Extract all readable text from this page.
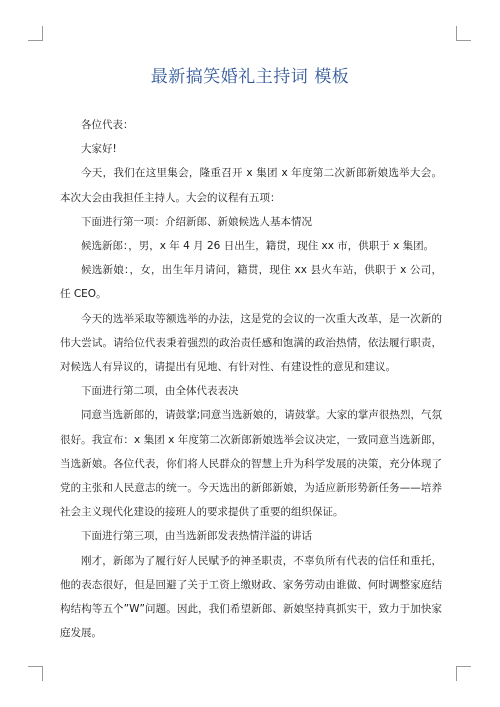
最新搞笑婚礼主持词 模板

各位代表：

大家好!

今天，我们在这里集会，隆重召开 x 集团 x 年度第二次新郎新娘选举大会。本次大会由我担任主持人。大会的议程有五项：

下面进行第一项：介绍新郎、新娘候选人基本情况

候选新郎：，男，x 年 4 月 26 日出生，籍贯，现住 xx 市，供职于 x 集团。

候选新娘：，女，出生年月请问，籍贯，现住 xx 县火车站，供职于 x 公司，任 CEO。

今天的选举采取等额选举的办法，这是党的会议的一次重大改革，是一次新的伟大尝试。请给位代表秉着强烈的政治责任感和饱满的政治热情，依法履行职责，对候选人有异议的，请提出有见地、有针对性、有建设性的意见和建议。

下面进行第二项，由全体代表表决

同意当选新郎的，请鼓掌;同意当选新娘的，请鼓掌。大家的掌声很热烈，气氛很好。我宣布：x 集团 x 年度第二次新郎新娘选举会议决定，一致同意当选新郎，当选新娘。各位代表，你们将人民群众的智慧上升为科学发展的决策，充分体现了党的主张和人民意志的统一。今天选出的新郎新娘，为适应新形势新任务——培养社会主义现代化建设的接班人的要求提供了重要的组织保证。

下面进行第三项，由当选新郎发表热情洋溢的讲话

刚才，新郎为了履行好人民赋予的神圣职责，不辜负所有代表的信任和重托，他的表态很好，但是回避了关于工资上缴财政、家务劳动由谁做、何时调整家庭结构结构等五个”W”问题。因此，我们希望新郎、新娘坚持真抓实干，致力于加快家庭发展。
